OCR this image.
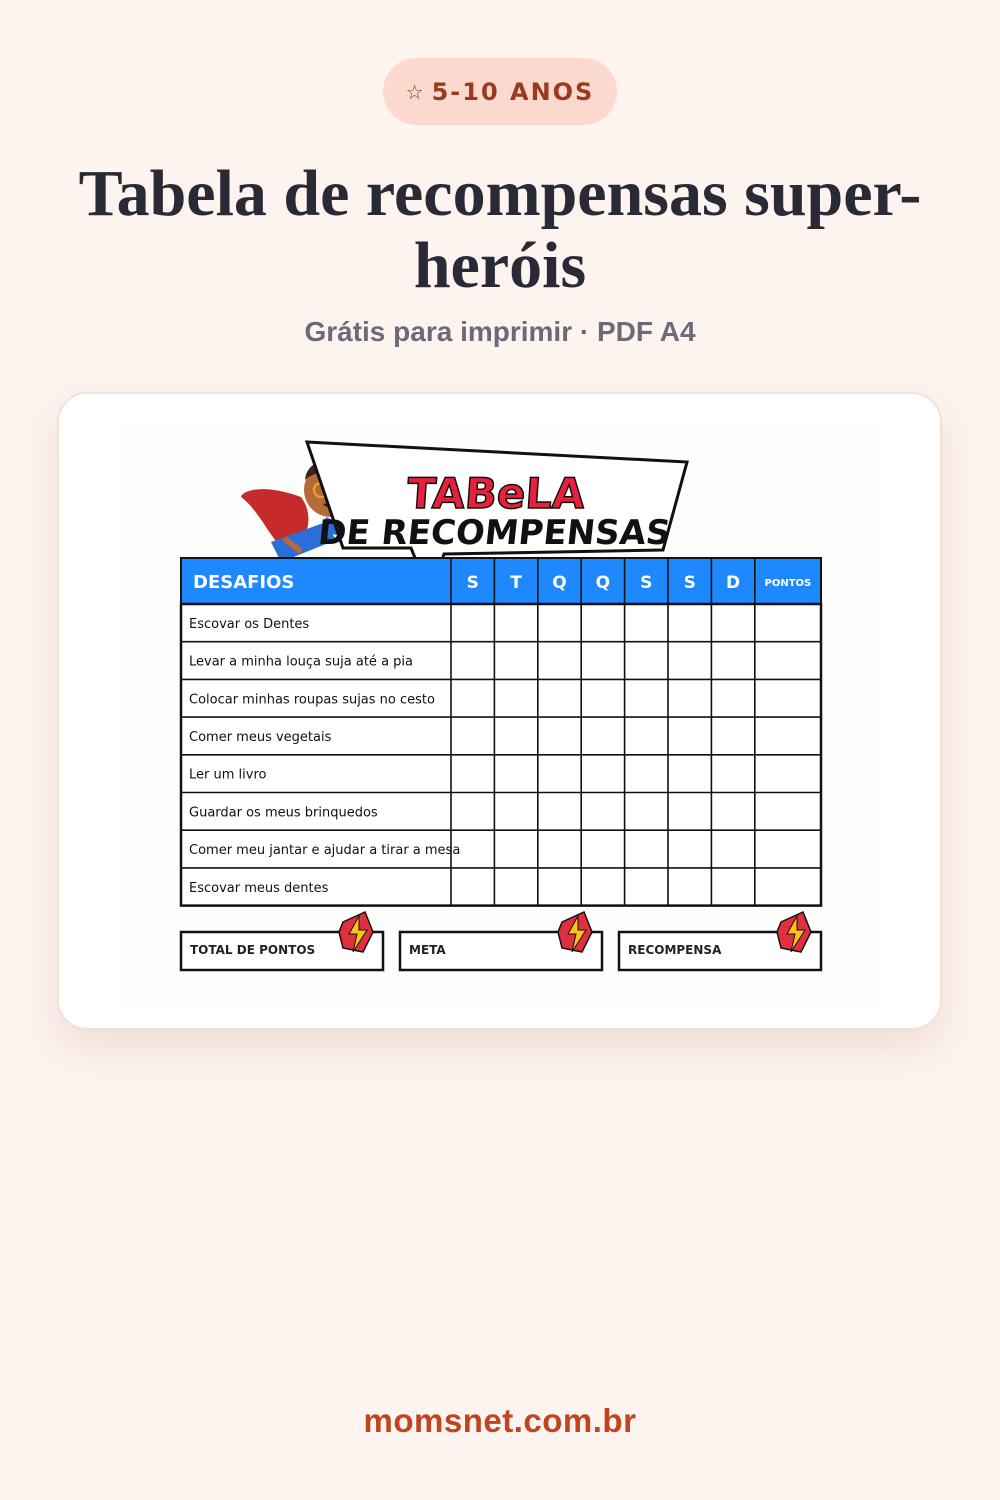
☆ 5-10 ANOS
Tabela de recompensas super-heróis
Grátis para imprimir · PDF A4
TABeLA
DE RECOMPENSAS
DESAFIOS	S T Q Q S S D PONTOS
Escovar os Dentes
Levar a minha louça suja até a pia
Colocar minhas roupas sujas no cesto
Comer meus vegetais
Ler um livro
Guardar os meus brinquedos
Comer meu jantar e ajudar a tirar a mesa
Escovar meus dentes
TOTAL DE PONTOS	META	RECOMPENSA
momsnet.com.br
